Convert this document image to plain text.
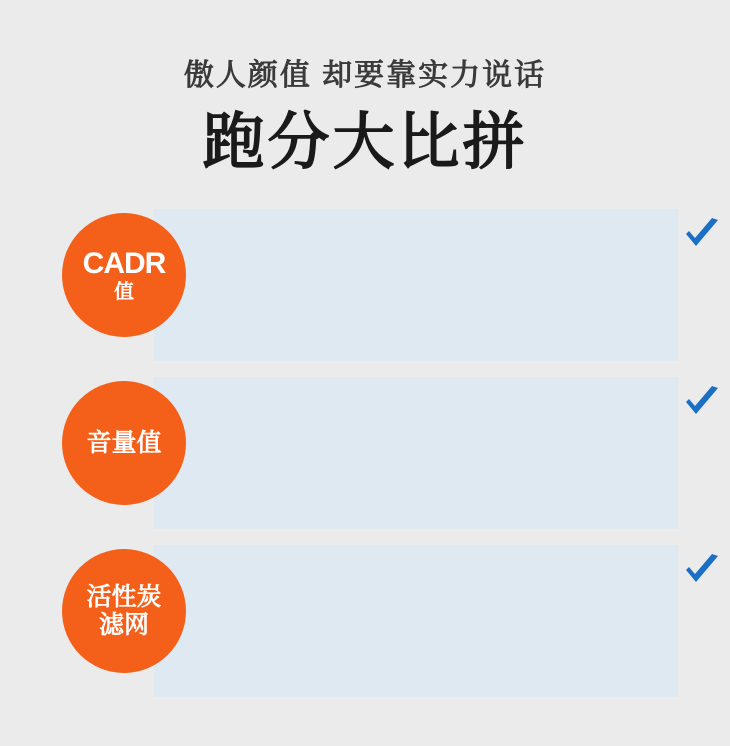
傲人颜值 却要靠实力说话
跑分大比拼
CADR
值
音量值
活性炭
滤网
